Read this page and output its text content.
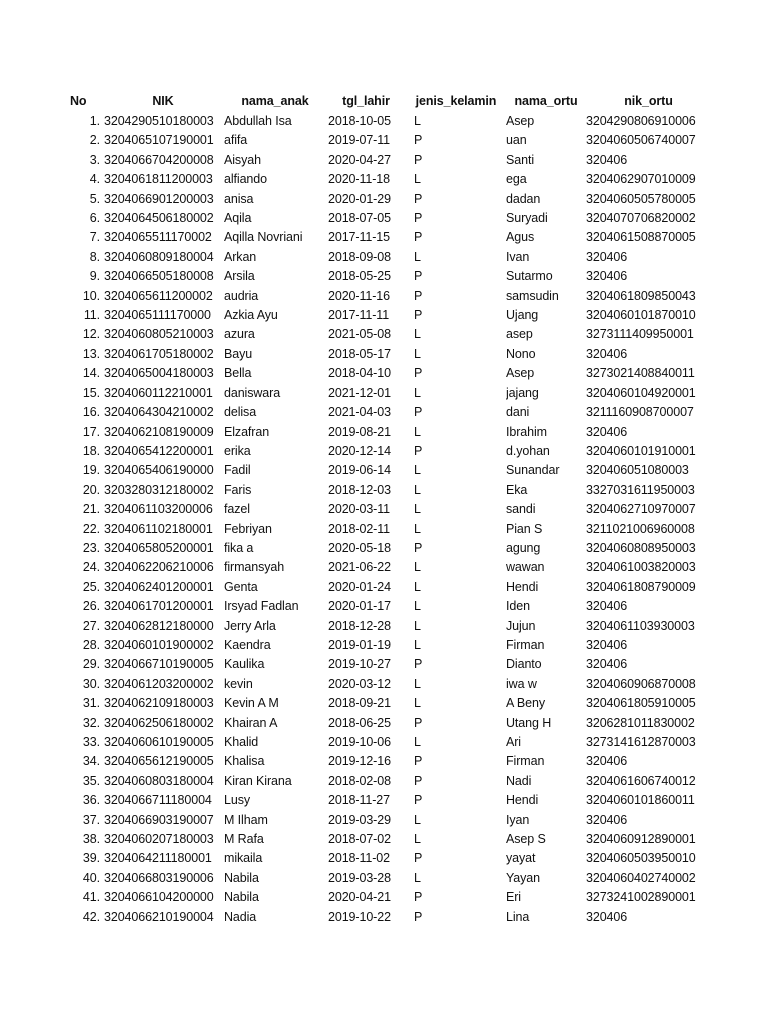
No	NIK	nama_anak	tgl_lahir	jenis_kelamin	nama_ortu	nik_ortu
1.	3204290510180003	Abdullah Isa	2018-10-05	L	Asep	3204290806910006
2.	3204065107190001	afifa	2019-07-11	P	uan	3204060506740007
3.	3204066704200008	Aisyah	2020-04-27	P	Santi	320406
4.	3204061811200003	alfiando	2020-11-18	L	ega	3204062907010009
5.	3204066901200003	anisa	2020-01-29	P	dadan	3204060505780005
6.	3204064506180002	Aqila	2018-07-05	P	Suryadi	3204070706820002
7.	3204065511170002	Aqilla Novriani	2017-11-15	P	Agus	3204061508870005
8.	3204060809180004	Arkan	2018-09-08	L	Ivan	320406
9.	3204066505180008	Arsila	2018-05-25	P	Sutarmo	320406
10.	3204065611200002	audria	2020-11-16	P	samsudin	3204061809850043
11.	3204065111170000	Azkia Ayu	2017-11-11	P	Ujang	3204060101870010
12.	3204060805210003	azura	2021-05-08	L	asep	3273111409950001
13.	3204061705180002	Bayu	2018-05-17	L	Nono	320406
14.	3204065004180003	Bella	2018-04-10	P	Asep	3273021408840011
15.	3204060112210001	daniswara	2021-12-01	L	jajang	3204060104920001
16.	3204064304210002	delisa	2021-04-03	P	dani	3211160908700007
17.	3204062108190009	Elzafran	2019-08-21	L	Ibrahim	320406
18.	3204065412200001	erika	2020-12-14	P	d.yohan	3204060101910001
19.	3204065406190000	Fadil	2019-06-14	L	Sunandar	320406051080003
20.	3203280312180002	Faris	2018-12-03	L	Eka	3327031611950003
21.	3204061103200006	fazel	2020-03-11	L	sandi	3204062710970007
22.	3204061102180001	Febriyan	2018-02-11	L	Pian S	3211021006960008
23.	3204065805200001	fika a	2020-05-18	P	agung	3204060808950003
24.	3204062206210006	firmansyah	2021-06-22	L	wawan	3204061003820003
25.	3204062401200001	Genta	2020-01-24	L	Hendi	3204061808790009
26.	3204061701200001	Irsyad Fadlan	2020-01-17	L	Iden	320406
27.	3204062812180000	Jerry Arla	2018-12-28	L	Jujun	3204061103930003
28.	3204060101900002	Kaendra	2019-01-19	L	Firman	320406
29.	3204066710190005	Kaulika	2019-10-27	P	Dianto	320406
30.	3204061203200002	kevin	2020-03-12	L	iwa w	3204060906870008
31.	3204062109180003	Kevin A M	2018-09-21	L	A Beny	3204061805910005
32.	3204062506180002	Khairan A	2018-06-25	P	Utang H	3206281011830002
33.	3204060610190005	Khalid	2019-10-06	L	Ari	3273141612870003
34.	3204065612190005	Khalisa	2019-12-16	P	Firman	320406
35.	3204060803180004	Kiran Kirana	2018-02-08	P	Nadi	3204061606740012
36.	3204066711180004	Lusy	2018-11-27	P	Hendi	3204060101860011
37.	3204066903190007	M Ilham	2019-03-29	L	Iyan	320406
38.	3204060207180003	M Rafa	2018-07-02	L	Asep S	3204060912890001
39.	3204064211180001	mikaila	2018-11-02	P	yayat	3204060503950010
40.	3204066803190006	Nabila	2019-03-28	L	Yayan	3204060402740002
41.	3204066104200000	Nabila	2020-04-21	P	Eri	3273241002890001
42.	3204066210190004	Nadia	2019-10-22	P	Lina	320406
